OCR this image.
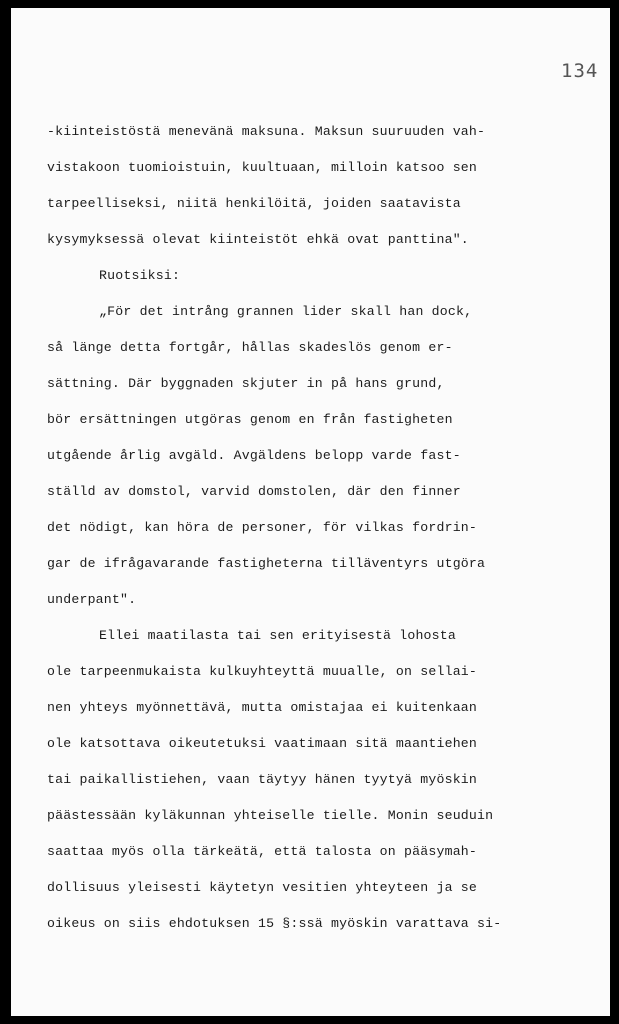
134
-kiinteistöstä menevänä maksuna. Maksun suuruuden vah-
vistakoon tuomioistuin, kuultuaan, milloin katsoo sen
tarpeelliseksi, niitä henkilöitä, joiden saatavista
kysymyksessä olevat kiinteistöt ehkä ovat panttina".
Ruotsiksi:
„För det intrång grannen lider skall han dock,
så länge detta fortgår, hållas skadeslös genom er-
sättning. Där byggnaden skjuter in på hans grund,
bör ersättningen utgöras genom en från fastigheten
utgående årlig avgäld. Avgäldens belopp varde fast-
ställd av domstol, varvid domstolen, där den finner
det nödigt, kan höra de personer, för vilkas fordrin-
gar de ifrågavarande fastigheterna tilläventyrs utgöra
underpant".
Ellei maatilasta tai sen erityisestä lohosta
ole tarpeenmukaista kulkuyhteyttä muualle, on sellai-
nen yhteys myönnettävä, mutta omistajaa ei kuitenkaan
ole katsottava oikeutetuksi vaatimaan sitä maantiehen
tai paikallistiehen, vaan täytyy hänen tyytyä myöskin
päästessään kyläkunnan yhteiselle tielle. Monin seuduin
saattaa myös olla tärkeätä, että talosta on pääsymah-
dollisuus yleisesti käytetyn vesitien yhteyteen ja se
oikeus on siis ehdotuksen 15 §:ssä myöskin varattava si-
